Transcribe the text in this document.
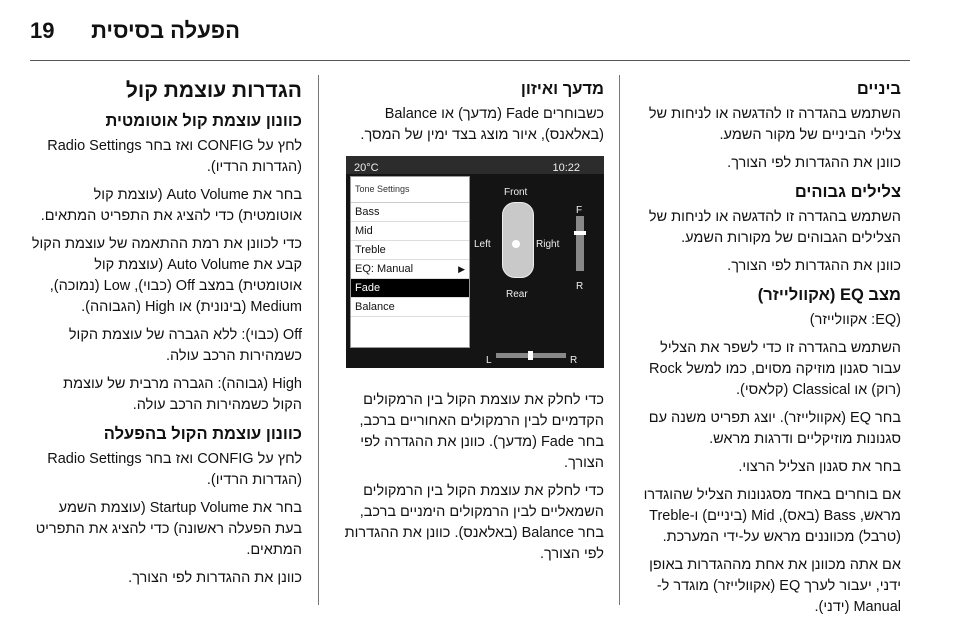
הפעלה בסיסית
19
ביניים

השתמש בהגדרה זו להדגשה או לניחות של צלילי הביניים של מקור השמע.

כוונן את ההגדרות לפי הצורך.

צלילים גבוהים

השתמש בהגדרה זו להדגשה או לניחות של הצלילים הגבוהים של מקורות השמע.

כוונן את ההגדרות לפי הצורך.

מצב EQ (אקוולייזר)

(EQ: אקוולייזר)

השתמש בהגדרה זו כדי לשפר את הצליל עבור סגנון מוזיקה מסוים, כמו למשל Rock (רוק) או Classical (קלאסי).

בחר EQ (אקוולייזר). יוצג תפריט משנה עם סגנונות מוזיקליים ודרגות מראש.

בחר את סגנון הצליל הרצוי.

אם בוחרים באחד מסגנונות הצליל שהוגדרו מראש, Bass (באס), Mid (ביניים) ו-Treble (טרבל) מכווננים מראש על-ידי המערכת.

אם אתה מכוונן את אחת מההגדרות באופן ידני, יעבור לערך EQ (אקוולייזר) מוגדר ל-Manual (ידני).

מדעך ואיזון

כשבוחרים Fade (מדעך) או Balance (באלאנס), איור מוצג בצד ימין של המסך.

20°C	10:22
Tone Settings
Bass
Mid
Treble
EQ: Manual	▶
Fade
Balance
Front
Rear
Left	Right
F
R
L	R

כדי לחלק את עוצמת הקול בין הרמקולים הקדמיים לבין הרמקולים האחוריים ברכב, בחר Fade (מדעך). כוונן את ההגדרה לפי הצורך.

כדי לחלק את עוצמת הקול בין הרמקולים השמאליים לבין הרמקולים הימניים ברכב, בחר Balance (באלאנס). כוונן את ההגדרות לפי הצורך.

הגדרות עוצמת קול
כוונון עוצמת קול אוטומטית

לחץ על CONFIG ואז בחר Radio Settings (הגדרות הרדיו).

בחר את Auto Volume (עוצמת קול אוטומטית) כדי להציג את התפריט המתאים.

כדי לכוונן את רמת ההתאמה של עוצמת הקול קבע את Auto Volume (עוצמת קול אוטומטית) במצב Off (כבוי), Low (נמוכה), Medium (בינונית) או High (הגבוהה).

Off (כבוי): ללא הגברה של עוצמת הקול כשמהירות הרכב עולה.

High (גבוהה): הגברה מרבית של עוצמת הקול כשמהירות הרכב עולה.

כוונון עוצמת הקול בהפעלה

לחץ על CONFIG ואז בחר Radio Settings (הגדרות הרדיו).

בחר את Startup Volume (עוצמת השמע בעת הפעלה ראשונה) כדי להציג את התפריט המתאים.

כוונן את ההגדרות לפי הצורך.
